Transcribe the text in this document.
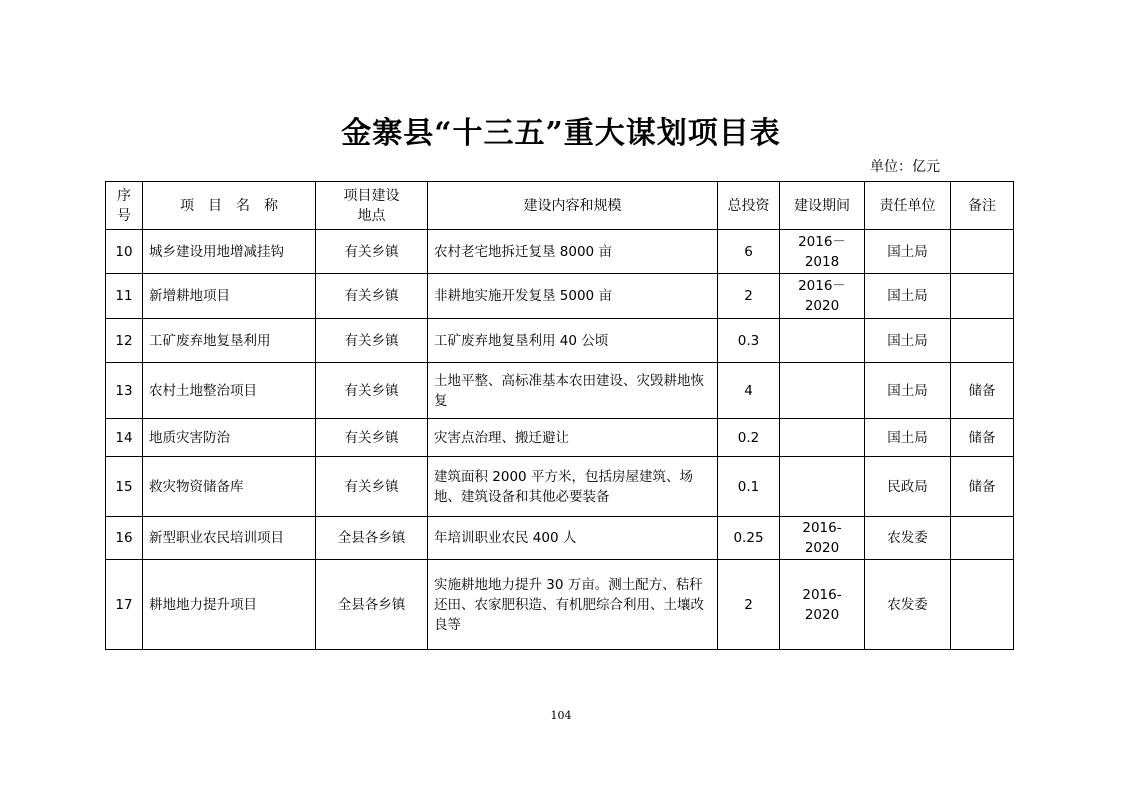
金寨县“十三五”重大谋划项目表
单位：亿元
序号	项　目　名　称	项目建设地点	建设内容和规模	总投资	建设期间	责任单位	备注
10	城乡建设用地增减挂钩	有关乡镇	农村老宅地拆迁复垦 8000 亩	6	2016－2018	国土局	
11	新增耕地项目	有关乡镇	非耕地实施开发复垦 5000 亩	2	2016－2020	国土局	
12	工矿废弃地复垦利用	有关乡镇	工矿废弃地复垦利用 40 公顷	0.3		国土局	
13	农村土地整治项目	有关乡镇	土地平整、高标准基本农田建设、灾毁耕地恢复	4		国土局	储备
14	地质灾害防治	有关乡镇	灾害点治理、搬迁避让	0.2		国土局	储备
15	救灾物资储备库	有关乡镇	建筑面积 2000 平方米，包括房屋建筑、场地、建筑设备和其他必要装备	0.1		民政局	储备
16	新型职业农民培训项目	全县各乡镇	年培训职业农民 400 人	0.25	2016-2020	农发委	
17	耕地地力提升项目	全县各乡镇	实施耕地地力提升 30 万亩。测土配方、秸秆还田、农家肥积造、有机肥综合利用、土壤改良等	2	2016-2020	农发委	
104
